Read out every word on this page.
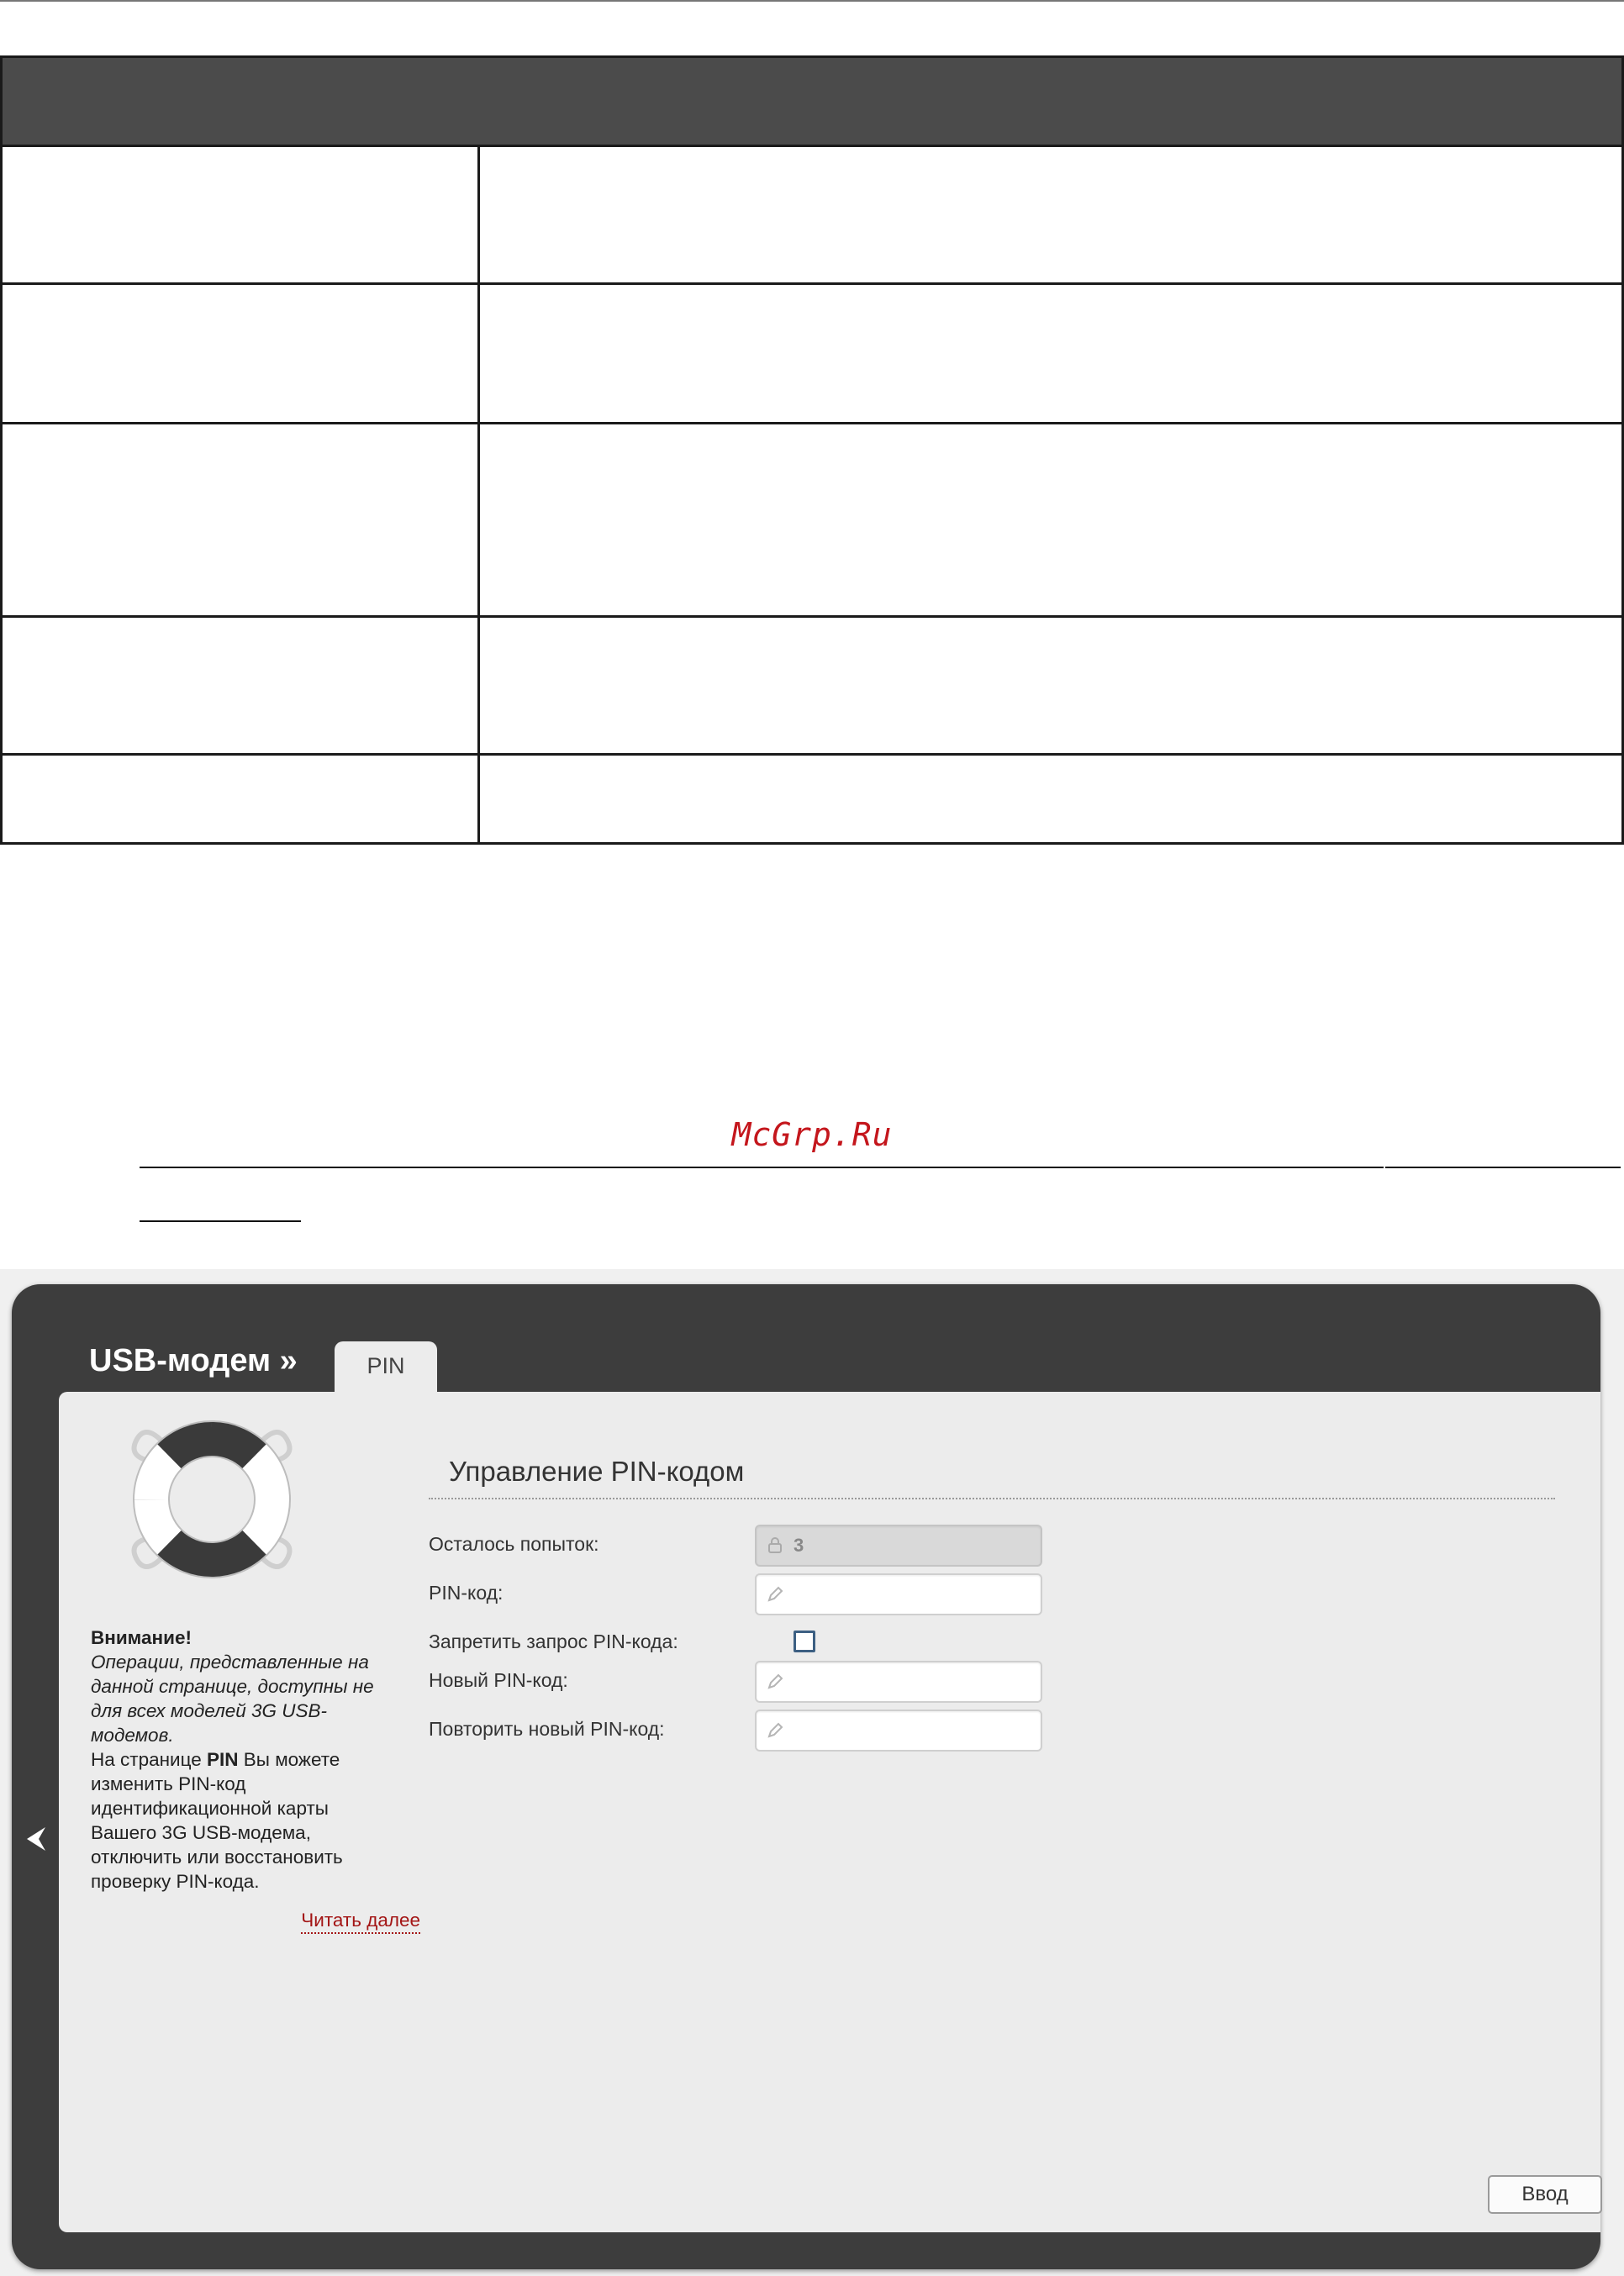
McGrp.Ru
USB-модем »	PIN
Внимание!
Операции, представленные на данной странице, доступны не для всех моделей 3G USB-модемов.
На странице PIN Вы можете изменить PIN-код идентификационной карты Вашего 3G USB-модема, отключить или восстановить проверку PIN-кода.
Читать далее
Управление PIN-кодом
Осталось попыток:	3
PIN-код:
Запретить запрос PIN-кода:
Новый PIN-код:
Повторить новый PIN-код:
Ввод
